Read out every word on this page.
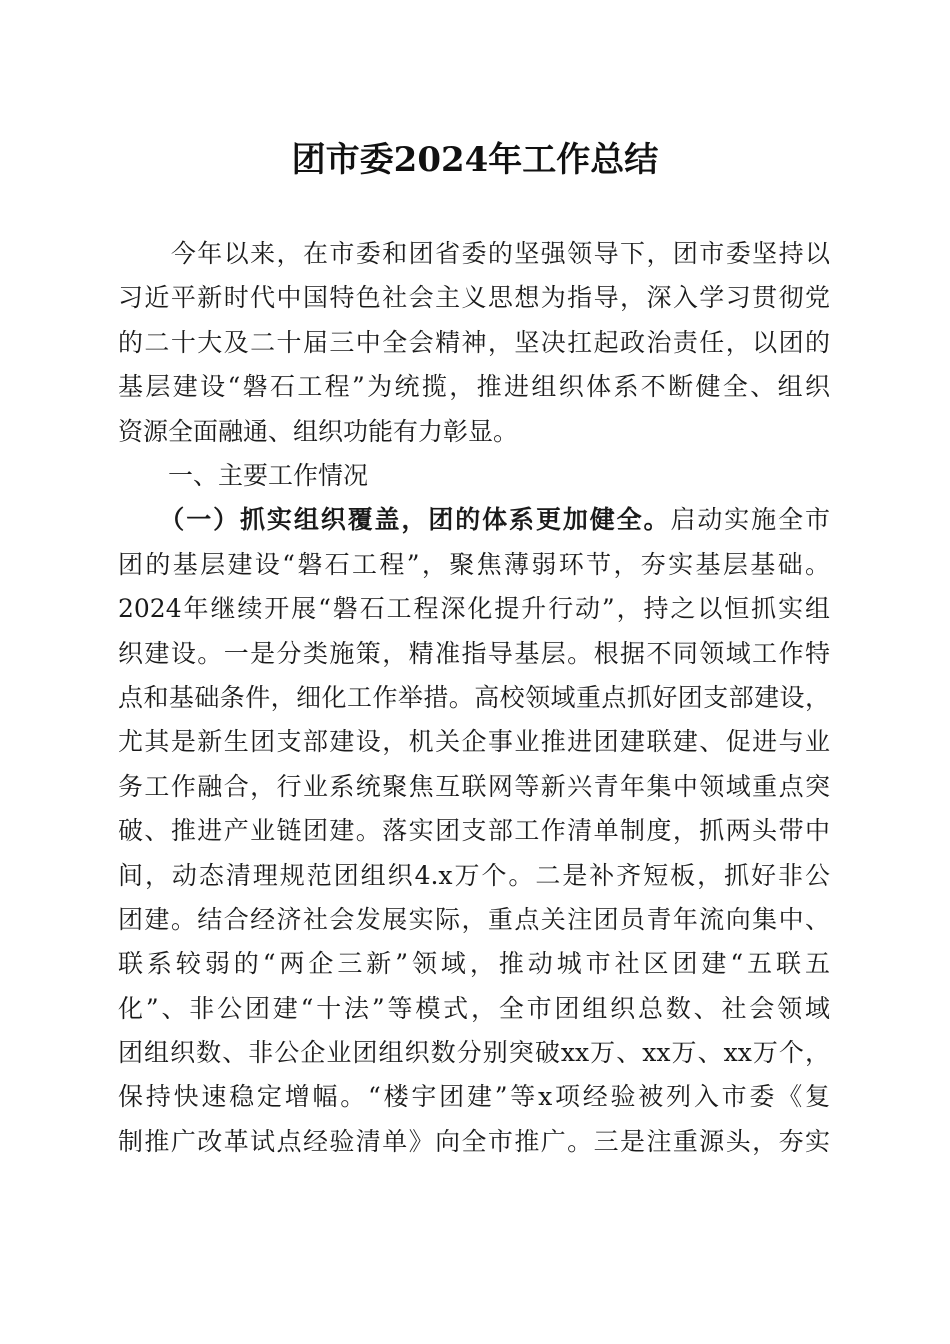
团市委2024年工作总结
　　今年以来，在市委和团省委的坚强领导下，团市委坚持以
习近平新时代中国特色社会主义思想为指导，深入学习贯彻党
的二十大及二十届三中全会精神，坚决扛起政治责任，以团的
基层建设“磐石工程”为统揽，推进组织体系不断健全、组织
资源全面融通、组织功能有力彰显。
　　一、主要工作情况
　　（一）抓实组织覆盖，团的体系更加健全。启动实施全市
团的基层建设“磐石工程”，聚焦薄弱环节，夯实基层基础。
2024年继续开展“磐石工程深化提升行动”，持之以恒抓实组
织建设。一是分类施策，精准指导基层。根据不同领域工作特
点和基础条件，细化工作举措。高校领域重点抓好团支部建设，
尤其是新生团支部建设，机关企事业推进团建联建、促进与业
务工作融合，行业系统聚焦互联网等新兴青年集中领域重点突
破、推进产业链团建。落实团支部工作清单制度，抓两头带中
间，动态清理规范团组织4.x万个。二是补齐短板，抓好非公
团建。结合经济社会发展实际，重点关注团员青年流向集中、
联系较弱的“两企三新”领域，推动城市社区团建“五联五
化”、非公团建“十法”等模式，全市团组织总数、社会领域
团组织数、非公企业团组织数分别突破xx万、xx万、xx万个，
保持快速稳定增幅。“楼宇团建”等x项经验被列入市委《复
制推广改革试点经验清单》向全市推广。三是注重源头，夯实
